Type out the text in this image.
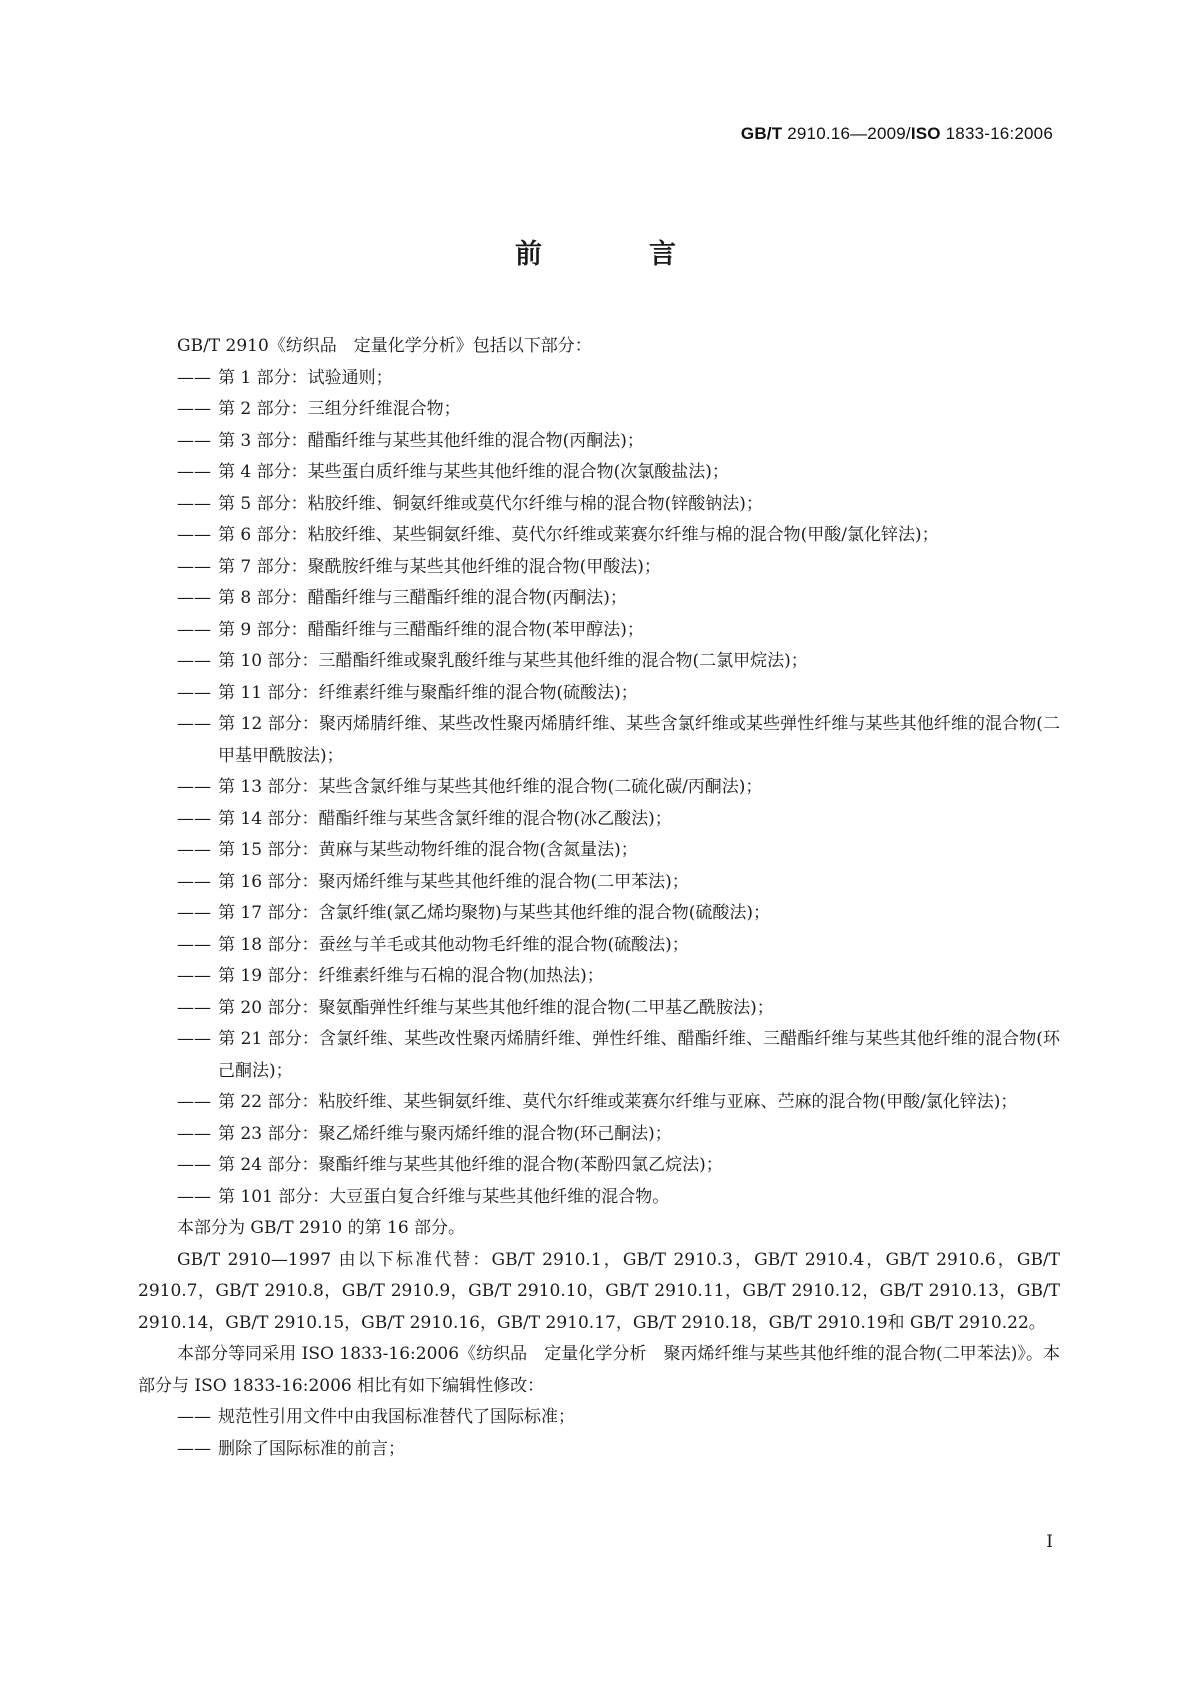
GB/T 2910.16—2009/ISO 1833-16:2006
前　言
GB/T 2910《纺织品　定量化学分析》包括以下部分：
—— 第 1 部分：试验通则；
—— 第 2 部分：三组分纤维混合物；
—— 第 3 部分：醋酯纤维与某些其他纤维的混合物(丙酮法)；
—— 第 4 部分：某些蛋白质纤维与某些其他纤维的混合物(次氯酸盐法)；
—— 第 5 部分：粘胶纤维、铜氨纤维或莫代尔纤维与棉的混合物(锌酸钠法)；
—— 第 6 部分：粘胶纤维、某些铜氨纤维、莫代尔纤维或莱赛尔纤维与棉的混合物(甲酸/氯化锌法)；
—— 第 7 部分：聚酰胺纤维与某些其他纤维的混合物(甲酸法)；
—— 第 8 部分：醋酯纤维与三醋酯纤维的混合物(丙酮法)；
—— 第 9 部分：醋酯纤维与三醋酯纤维的混合物(苯甲醇法)；
—— 第 10 部分：三醋酯纤维或聚乳酸纤维与某些其他纤维的混合物(二氯甲烷法)；
—— 第 11 部分：纤维素纤维与聚酯纤维的混合物(硫酸法)；
—— 第 12 部分：聚丙烯腈纤维、某些改性聚丙烯腈纤维、某些含氯纤维或某些弹性纤维与某些其他纤维的混合物(二甲基甲酰胺法)；
—— 第 13 部分：某些含氯纤维与某些其他纤维的混合物(二硫化碳/丙酮法)；
—— 第 14 部分：醋酯纤维与某些含氯纤维的混合物(冰乙酸法)；
—— 第 15 部分：黄麻与某些动物纤维的混合物(含氮量法)；
—— 第 16 部分：聚丙烯纤维与某些其他纤维的混合物(二甲苯法)；
—— 第 17 部分：含氯纤维(氯乙烯均聚物)与某些其他纤维的混合物(硫酸法)；
—— 第 18 部分：蚕丝与羊毛或其他动物毛纤维的混合物(硫酸法)；
—— 第 19 部分：纤维素纤维与石棉的混合物(加热法)；
—— 第 20 部分：聚氨酯弹性纤维与某些其他纤维的混合物(二甲基乙酰胺法)；
—— 第 21 部分：含氯纤维、某些改性聚丙烯腈纤维、弹性纤维、醋酯纤维、三醋酯纤维与某些其他纤维的混合物(环己酮法)；
—— 第 22 部分：粘胶纤维、某些铜氨纤维、莫代尔纤维或莱赛尔纤维与亚麻、苎麻的混合物(甲酸/氯化锌法)；
—— 第 23 部分：聚乙烯纤维与聚丙烯纤维的混合物(环己酮法)；
—— 第 24 部分：聚酯纤维与某些其他纤维的混合物(苯酚四氯乙烷法)；
—— 第 101 部分：大豆蛋白复合纤维与某些其他纤维的混合物。
本部分为 GB/T 2910 的第 16 部分。
GB/T 2910—1997 由以下标准代替：GB/T 2910.1，GB/T 2910.3，GB/T 2910.4，GB/T 2910.6，GB/T 2910.7，GB/T 2910.8，GB/T 2910.9，GB/T 2910.10，GB/T 2910.11，GB/T 2910.12，GB/T 2910.13，GB/T 2910.14，GB/T 2910.15，GB/T 2910.16，GB/T 2910.17，GB/T 2910.18，GB/T 2910.19和 GB/T 2910.22。
本部分等同采用 ISO 1833-16:2006《纺织品　定量化学分析　聚丙烯纤维与某些其他纤维的混合物(二甲苯法)》。本部分与 ISO 1833-16:2006 相比有如下编辑性修改：
—— 规范性引用文件中由我国标准替代了国际标准；
—— 删除了国际标准的前言；
I
